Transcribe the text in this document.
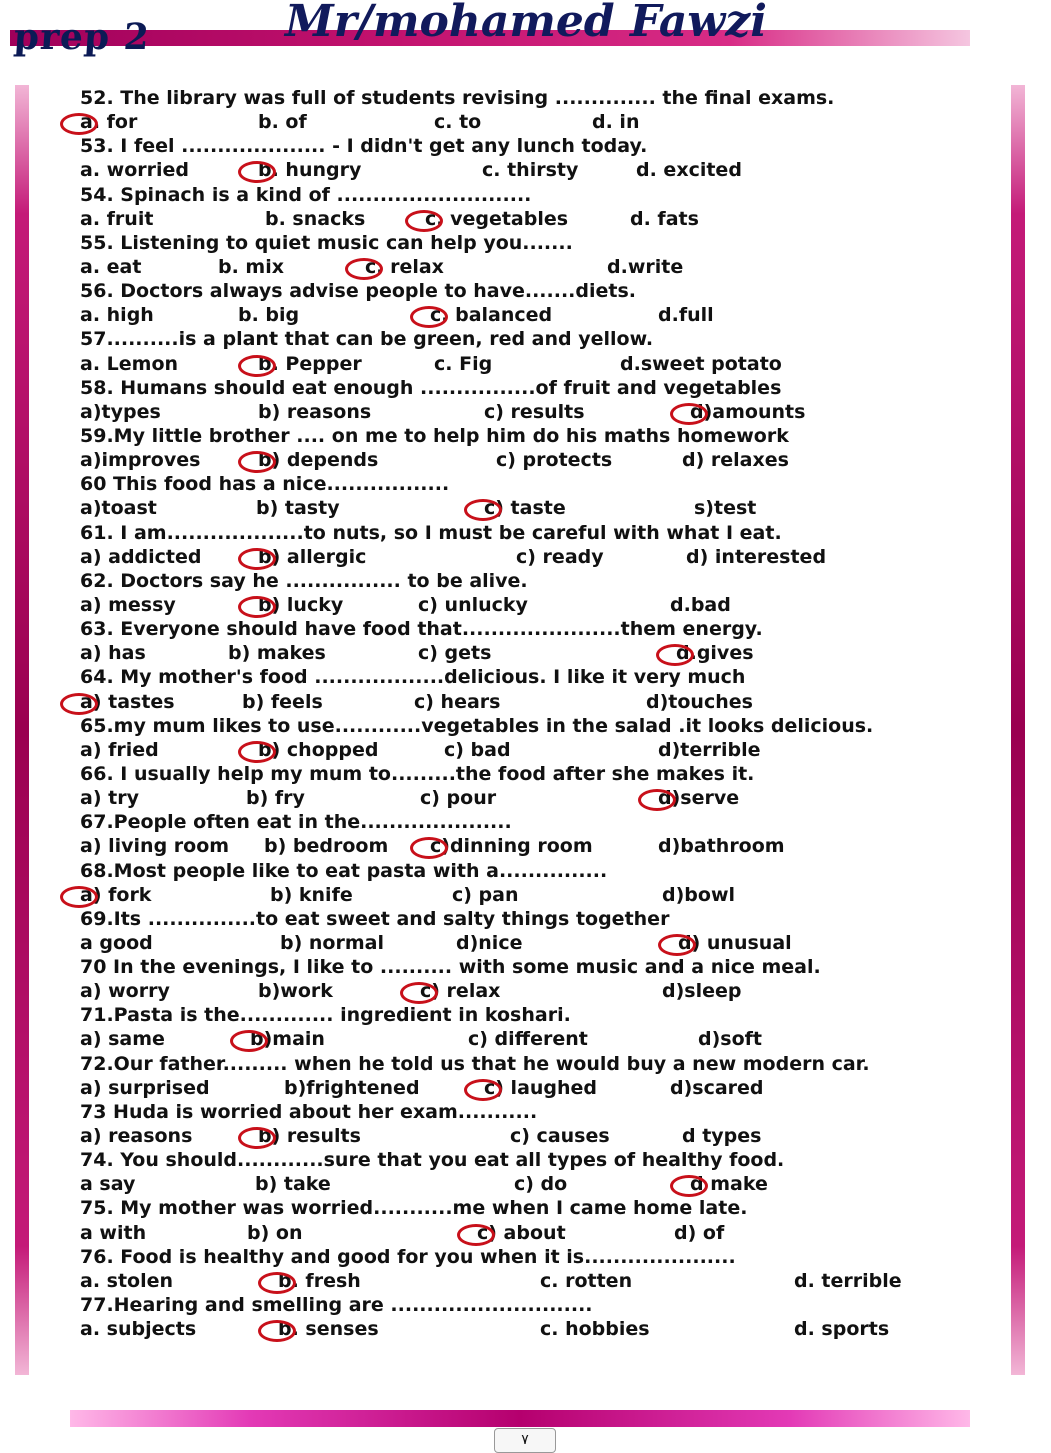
prep 2	Mr/mohamed Fawzi
52. The library was full of students revising .............. the final exams.
a. for	b. of	c. to	d. in
53. I feel .................... - I didn't get any lunch today.
a. worried	b. hungry	c. thirsty	d. excited
54. Spinach is a kind of ...........................
a. fruit	b. snacks	c. vegetables	d. fats
55. Listening to quiet music can help you.......
a. eat	b. mix	c. relax	d.write
56. Doctors always advise people to have.......diets.
a. high	b. big	c. balanced	d.full
57..........is a plant that can be green, red and yellow.
a. Lemon	b. Pepper	c. Fig	d.sweet potato
58. Humans should eat enough ................of fruit and vegetables
a)types	b) reasons	c) results	d)amounts
59.My little brother .... on me to help him do his maths homework
a)improves	b) depends	c) protects	d) relaxes
60 This food has a nice.................
a)toast	b) tasty	c) taste	s)test
61. I am...................to nuts, so I must be careful with what I eat.
a) addicted	b) allergic	c) ready	d) interested
62. Doctors say he ................ to be alive.
a) messy	b) lucky	c) unlucky	d.bad
63. Everyone should have food that......................them energy.
a) has	b) makes	c) gets	d.gives
64. My mother's food ..................delicious. I like it very much
a) tastes	b) feels	c) hears	d)touches
65.my mum likes to use............vegetables in the salad .it looks delicious.
a) fried	b) chopped	c) bad	d)terrible
66. I usually help my mum to.........the food after she makes it.
a) try	b) fry	c) pour	d)serve
67.People often eat in the.....................
a) living room b) bedroom c)dinning room	d)bathroom
68.Most people like to eat pasta with a...............
a) fork	b) knife	c) pan	d)bowl
69.Its ...............to eat sweet and salty things together
a good	b) normal	d)nice	d) unusual
70 In the evenings, I like to .......... with some music and a nice meal.
a) worry	b)work	c) relax	d)sleep
71.Pasta is the............. ingredient in koshari.
a) same	b)main	c) different	d)soft
72.Our father......... when he told us that he would buy a new modern car.
a) surprised	b)frightened	c) laughed	d)scared
73 Huda is worried about her exam...........
a) reasons	b) results	c) causes	d types
74. You should............sure that you eat all types of healthy food.
a say	b) take	c) do	d make
75. My mother was worried...........me when I came home late.
a with	b) on	c) about	d) of
76. Food is healthy and good for you when it is.....................
a. stolen	b. fresh	c. rotten	d. terrible
77.Hearing and smelling are ............................
a. subjects	b. senses	c. hobbies	d. sports
٧
